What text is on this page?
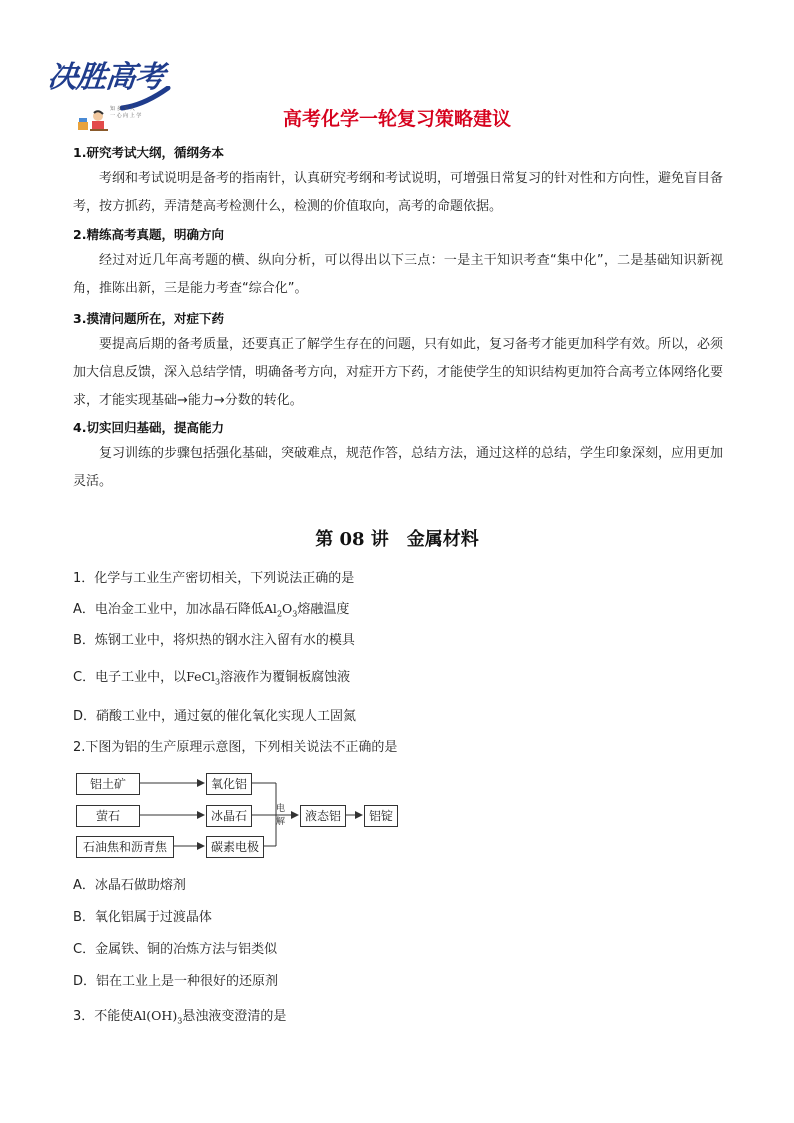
决胜高考
知 多 少 人
一 心 向 上 学	高考化学一轮复习策略建议
1.研究考试大纲，循纲务本
考纲和考试说明是备考的指南针，认真研究考纲和考试说明，可增强日常复习的针对性和方向性，避免盲目备考，按方抓药，弄清楚高考检测什么，检测的价值取向，高考的命题依据。
2.精练高考真题，明确方向
经过对近几年高考题的横、纵向分析，可以得出以下三点：一是主干知识考查“集中化”，二是基础知识新视角，推陈出新，三是能力考查“综合化”。
3.摸清问题所在，对症下药
要提高后期的备考质量，还要真正了解学生存在的问题，只有如此，复习备考才能更加科学有效。所以，必须加大信息反馈，深入总结学情，明确备考方向，对症开方下药，才能使学生的知识结构更加符合高考立体网络化要求，才能实现基础→能力→分数的转化。
4.切实回归基础，提高能力
复习训练的步骤包括强化基础，突破难点，规范作答，总结方法，通过这样的总结，学生印象深刻，应用更加灵活。
第 08 讲　金属材料
1．化学与工业生产密切相关，下列说法正确的是
A．电冶金工业中，加冰晶石降低$Al_2O_3$熔融温度
B．炼钢工业中，将炽热的钢水注入留有水的模具
C．电子工业中，以FeCl$_3$溶液作为覆铜板腐蚀液
D．硝酸工业中，通过氨的催化氧化实现人工固氮
2.下图为铝的生产原理示意图，下列相关说法不正确的是
铝土矿
萤石
石油焦和沥青焦
氧化铝
冰晶石
碳素电极
电解	液态铝	铝锭
A．冰晶石做助熔剂
B．氧化铝属于过渡晶体
C．金属铁、铜的冶炼方法与铝类似
D．铝在工业上是一种很好的还原剂
3．不能使$Al(OH)_3$悬浊液变澄清的是
